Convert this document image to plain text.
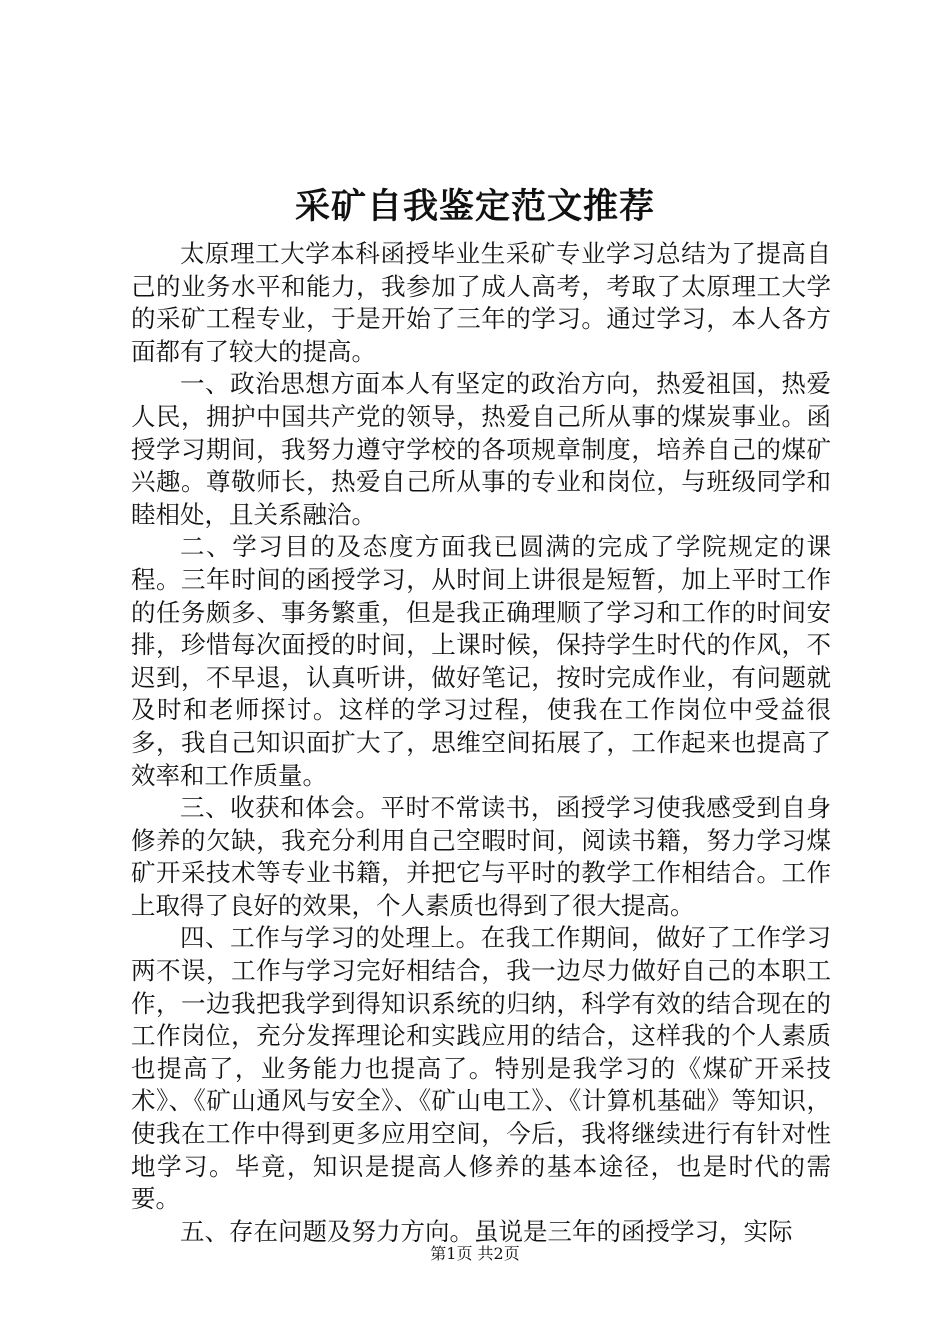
采矿自我鉴定范文推荐

太原理工大学本科函授毕业生采矿专业学习总结为了提高自己的业务水平和能力，我参加了成人高考，考取了太原理工大学的采矿工程专业，于是开始了三年的学习。通过学习，本人各方面都有了较大的提高。

一、政治思想方面本人有坚定的政治方向，热爱祖国，热爱人民，拥护中国共产党的领导，热爱自己所从事的煤炭事业。函授学习期间，我努力遵守学校的各项规章制度，培养自己的煤矿兴趣。尊敬师长，热爱自己所从事的专业和岗位，与班级同学和睦相处，且关系融洽。

二、学习目的及态度方面我已圆满的完成了学院规定的课程。三年时间的函授学习，从时间上讲很是短暂，加上平时工作的任务颇多、事务繁重，但是我正确理顺了学习和工作的时间安排，珍惜每次面授的时间，上课时候，保持学生时代的作风，不迟到，不早退，认真听讲，做好笔记，按时完成作业，有问题就及时和老师探讨。这样的学习过程，使我在工作岗位中受益很多，我自己知识面扩大了，思维空间拓展了，工作起来也提高了效率和工作质量。

三、收获和体会。平时不常读书，函授学习使我感受到自身修养的欠缺，我充分利用自己空暇时间，阅读书籍，努力学习煤矿开采技术等专业书籍，并把它与平时的教学工作相结合。工作上取得了良好的效果，个人素质也得到了很大提高。

四、工作与学习的处理上。在我工作期间，做好了工作学习两不误，工作与学习完好相结合，我一边尽力做好自己的本职工作，一边我把我学到得知识系统的归纳，科学有效的结合现在的工作岗位，充分发挥理论和实践应用的结合，这样我的个人素质也提高了，业务能力也提高了。特别是我学习的《煤矿开采技术》、《矿山通风与安全》、《矿山电工》、《计算机基础》等知识，使我在工作中得到更多应用空间，今后，我将继续进行有针对性地学习。毕竟，知识是提高人修养的基本途径，也是时代的需要。

五、存在问题及努力方向。虽说是三年的函授学习，实际

第1页 共2页
